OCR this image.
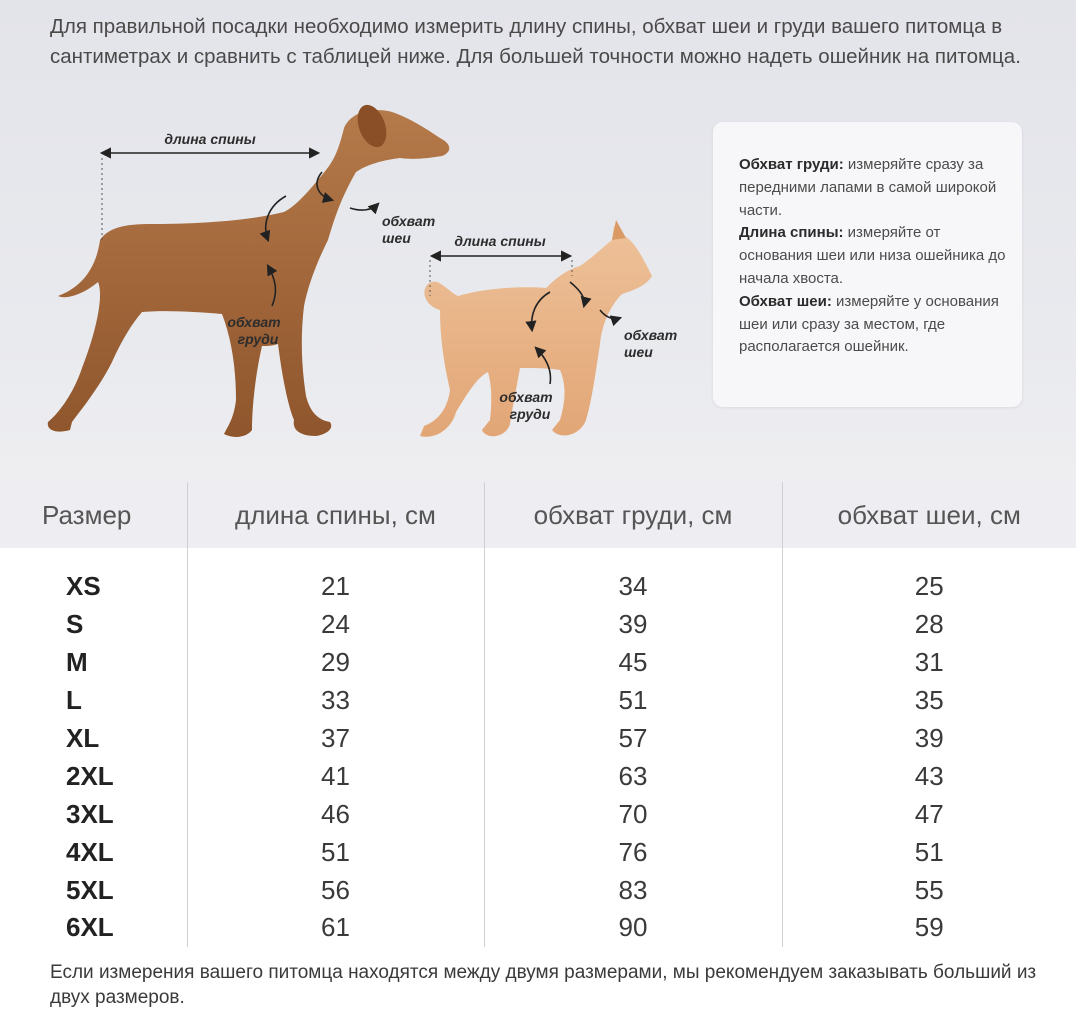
Для правильной посадки необходимо измерить длину спины, обхват шеи и груди вашего питомца в сантиметрах и сравнить с таблицей ниже. Для большей точности можно надеть ошейник на питомца.

длина спины
обхват
шеи
обхват
груди
длина спины
обхват
шеи
обхват
груди

Обхват груди: измеряйте сразу за передними лапами в самой широкой части.

Длина спины: измеряйте от основания шеи или низа ошейника до начала хвоста.

Обхват шеи: измеряйте у основания шеи или сразу за местом, где располагается ошейник.

Размер	длина спины, см	обхват груди, см	обхват шеи, см
XS	21	34	25
S	24	39	28
M	29	45	31
L	33	51	35
XL	37	57	39
2XL	41	63	43
3XL	46	70	47
4XL	51	76	51
5XL	56	83	55
6XL	61	90	59

Если измерения вашего питомца находятся между двумя размерами, мы рекомендуем заказывать больший из двух размеров.
